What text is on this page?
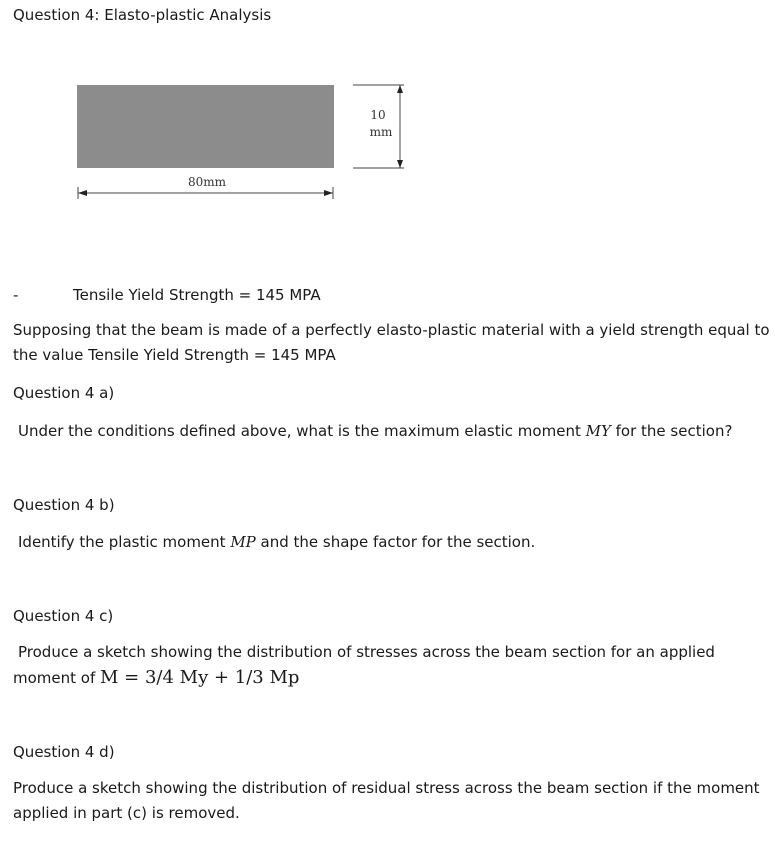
Question 4: Elasto-plastic Analysis
10
mm
80mm
-	Tensile Yield Strength = 145 MPA
Supposing that the beam is made of a perfectly elasto-plastic material with a yield strength equal to
the value Tensile Yield Strength = 145 MPA
Question 4 a)
Under the conditions defined above, what is the maximum elastic moment MY for the section?
Question 4 b)
Identify the plastic moment MP and the shape factor for the section.
Question 4 c)
Produce a sketch showing the distribution of stresses across the beam section for an applied
moment of M = 3/4 My + 1/3 Mp
Question 4 d)
Produce a sketch showing the distribution of residual stress across the beam section if the moment
applied in part (c) is removed.
